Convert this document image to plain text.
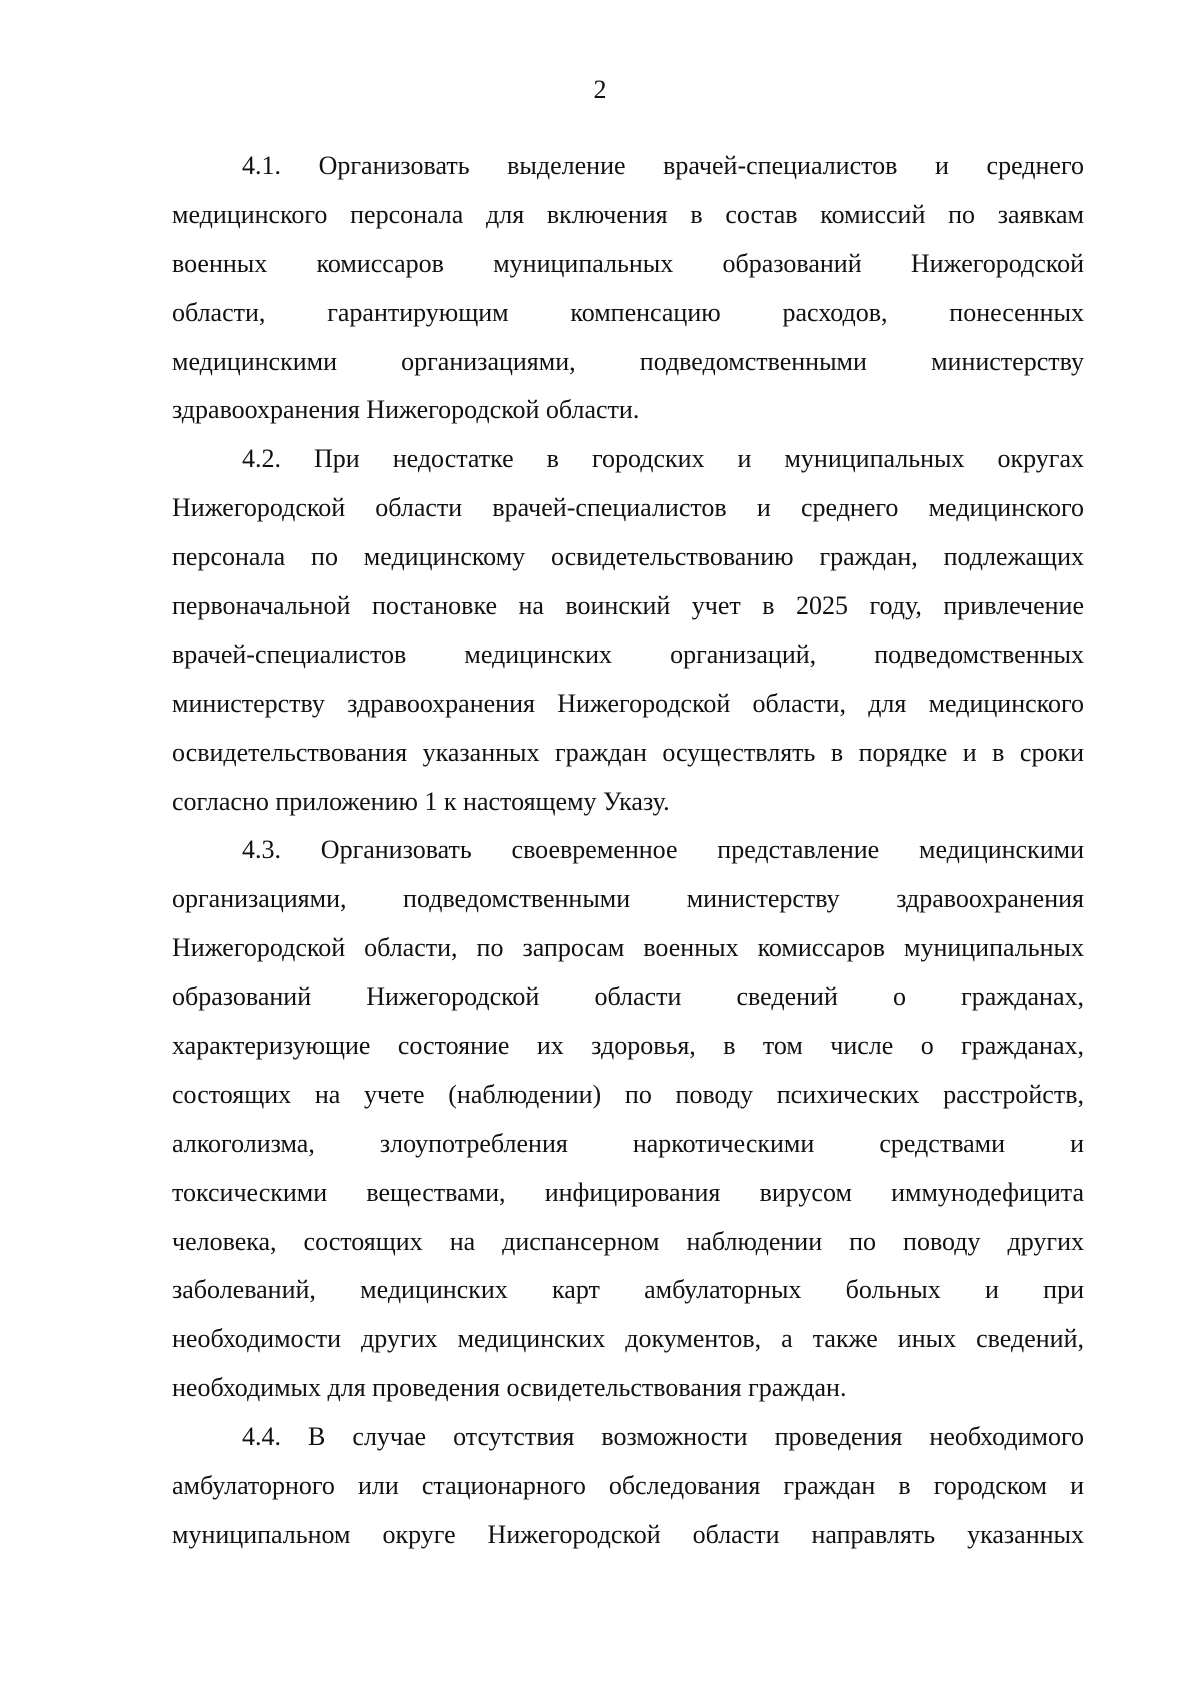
2
4.1. Организовать выделение врачей-специалистов и среднего
медицинского персонала для включения в состав комиссий по заявкам
военных комиссаров муниципальных образований Нижегородской
области, гарантирующим компенсацию расходов, понесенных
медицинскими организациями, подведомственными министерству
здравоохранения Нижегородской области.
4.2. При недостатке в городских и муниципальных округах
Нижегородской области врачей-специалистов и среднего медицинского
персонала по медицинскому освидетельствованию граждан, подлежащих
первоначальной постановке на воинский учет в 2025 году, привлечение
врачей-специалистов медицинских организаций, подведомственных
министерству здравоохранения Нижегородской области, для медицинского
освидетельствования указанных граждан осуществлять в порядке и в сроки
согласно приложению 1 к настоящему Указу.
4.3. Организовать своевременное представление медицинскими
организациями, подведомственными министерству здравоохранения
Нижегородской области, по запросам военных комиссаров муниципальных
образований Нижегородской области сведений о гражданах,
характеризующие состояние их здоровья, в том числе о гражданах,
состоящих на учете (наблюдении) по поводу психических расстройств,
алкоголизма, злоупотребления наркотическими средствами и
токсическими веществами, инфицирования вирусом иммунодефицита
человека, состоящих на диспансерном наблюдении по поводу других
заболеваний, медицинских карт амбулаторных больных и при
необходимости других медицинских документов, а также иных сведений,
необходимых для проведения освидетельствования граждан.
4.4. В случае отсутствия возможности проведения необходимого
амбулаторного или стационарного обследования граждан в городском и
муниципальном округе Нижегородской области направлять указанных
